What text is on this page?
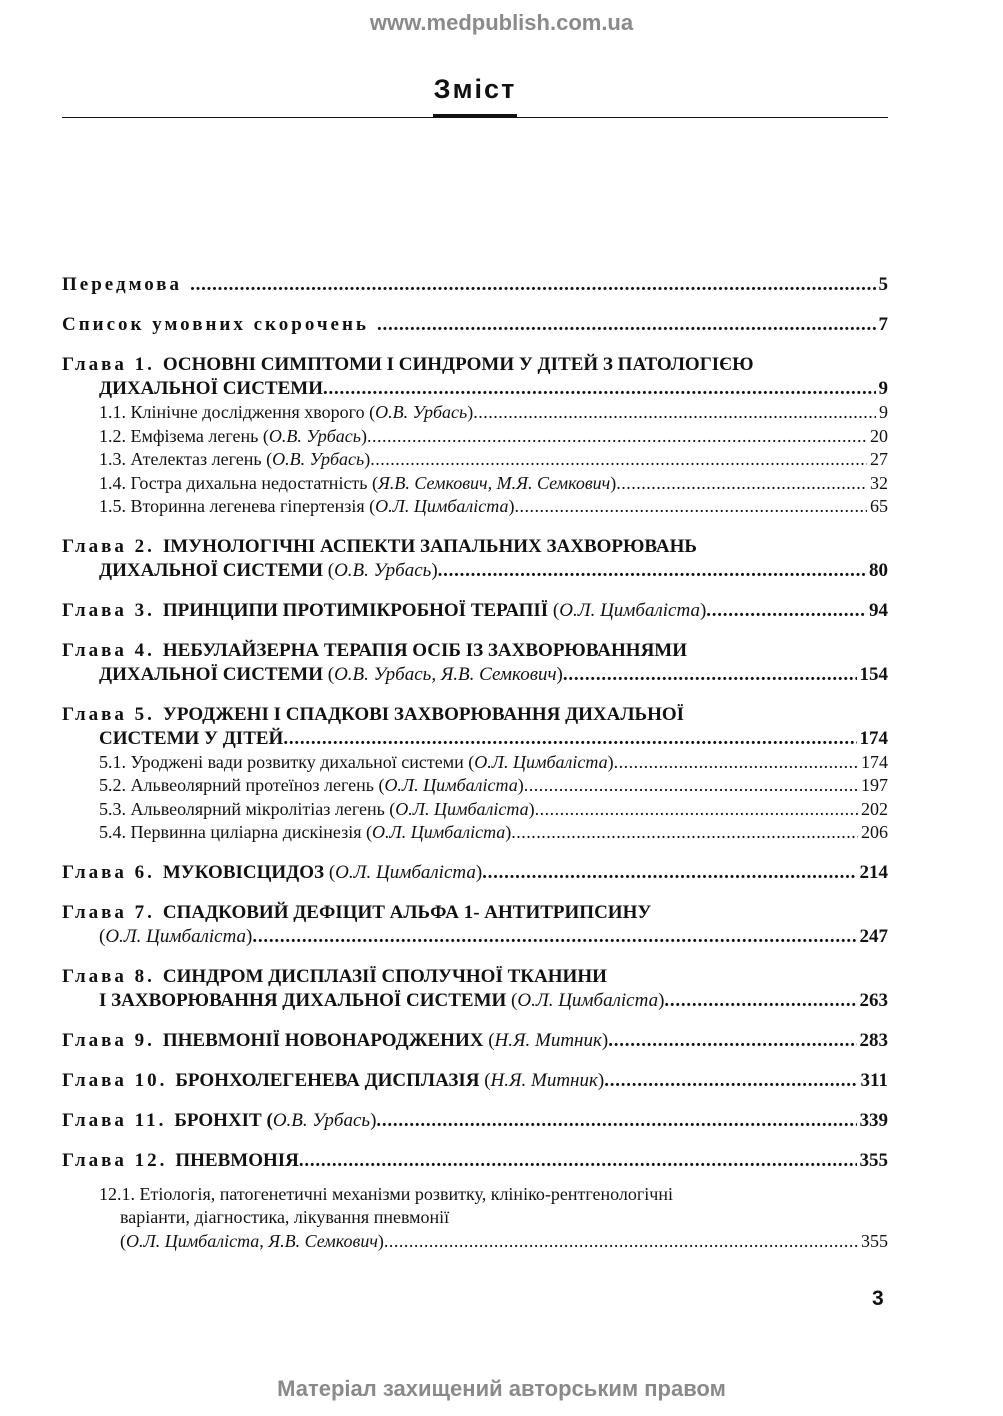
www.medpublish.com.ua
Зміст
Передмова . . .	5
Список умовних скорочень . . .	7
Глава 1. ОСНОВНІ СИМПТОМИ І СИНДРОМИ У ДІТЕЙ З ПАТОЛОГІЄЮ
ДИХАЛЬНОЇ СИСТЕМИ . . .	9
1.1. Клінічне дослідження хворого ( О.В. Урбась ) . . .	9
1.2. Емфізема легень ( О.В. Урбась ) . . .	20
1.3. Ателектаз легень ( О.В. Урбась ) . . .	27
1.4. Гостра дихальна недостатність ( Я.В. Семкович, М.Я. Семкович ) . . .	32
1.5. Вторинна легенева гіпертензія ( О.Л. Цимбаліста ) . . .	65
Глава 2. ІМУНОЛОГІЧНІ АСПЕКТИ ЗАПАЛЬНИХ ЗАХВОРЮВАНЬ
ДИХАЛЬНОЇ СИСТЕМИ ( О.В. Урбась ) . . .	80
Глава 3. ПРИНЦИПИ ПРОТИМІКРОБНОЇ ТЕРАПІЇ ( О.Л. Цимбаліста ) . . .	94
Глава 4. НЕБУЛАЙЗЕРНА ТЕРАПІЯ ОСІБ ІЗ ЗАХВОРЮВАННЯМИ
ДИХАЛЬНОЇ СИСТЕМИ ( О.В. Урбась, Я.В. Семкович ) . . .	154
Глава 5. УРОДЖЕНІ І СПАДКОВІ ЗАХВОРЮВАННЯ ДИХАЛЬНОЇ
СИСТЕМИ У ДІТЕЙ . . .	174
5.1. Уроджені вади розвитку дихальної системи ( О.Л. Цимбаліста ) . . .	174
5.2. Альвеолярний протеїноз легень ( О.Л. Цимбаліста ) . . .	197
5.3. Альвеолярний мікролітіаз легень ( О.Л. Цимбаліста ) . . .	202
5.4. Первинна циліарна дискінезія ( О.Л. Цимбаліста ) . . .	206
Глава 6. МУКОВІСЦИДОЗ ( О.Л. Цимбаліста ) . . .	214
Глава 7. СПАДКОВИЙ ДЕФІЦИТ АЛЬФА 1- АНТИТРИПСИНУ
( О.Л. Цимбаліста ) . . .	247
Глава 8. СИНДРОМ ДИСПЛАЗІЇ СПОЛУЧНОЇ ТКАНИНИ
І ЗАХВОРЮВАННЯ ДИХАЛЬНОЇ СИСТЕМИ ( О.Л. Цимбаліста ) . . .	263
Глава 9. ПНЕВМОНІЇ НОВОНАРОДЖЕНИХ ( Н.Я. Митник ) . . .	283
Глава 10. БРОНХОЛЕГЕНЕВА ДИСПЛАЗІЯ ( Н.Я. Митник ) . . .	311
Глава 11. БРОНХІТ
( О.В. Урбась ) . . .	339
Глава 12. ПНЕВМОНІЯ . . .	355
12.1. Етіологія, патогенетичні механізми розвитку, клініко-рентгенологічні
варіанти, діагностика, лікування пневмонії
( О.Л. Цимбаліста, Я.В. Семкович ) . . .	355
3
Матеріал захищений авторським правом
